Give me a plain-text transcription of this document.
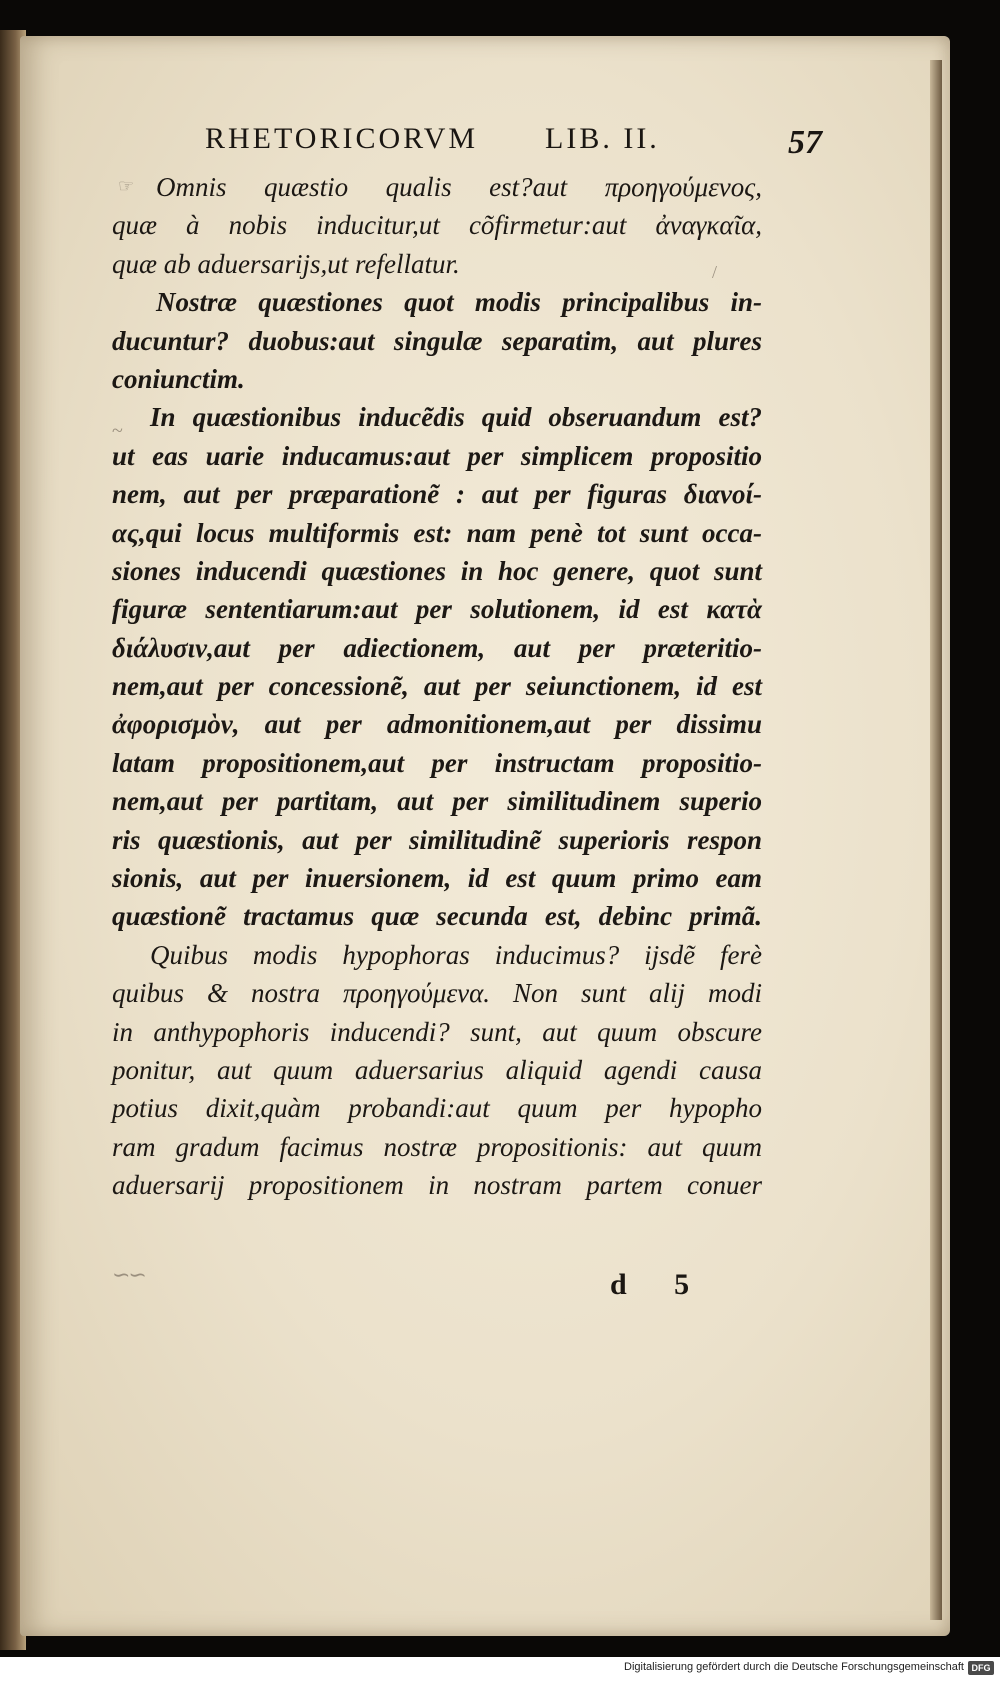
RHETORICORVM LIB. II.	57
☞
~
/
Omnis quæstio qualis est?aut προηγούμενος,
quæ à nobis inducitur,ut cõfirmetur:aut ἀναγκαῖα,
quæ ab aduersarijs,ut refellatur.
Nostræ quæstiones quot modis principalibus in-
ducuntur? duobus:aut singulæ separatim, aut plures
coniunctim.
In quæstionibus inducẽdis quid obseruandum est?
ut eas uarie inducamus:aut per simplicem propositio
nem, aut per præparationẽ : aut per figuras διανοί-
ας,qui locus multiformis est: nam penè tot sunt occa-
siones inducendi quæstiones in hoc genere, quot sunt
figuræ sententiarum:aut per solutionem, id est κατὰ
διάλυσιν,aut per adiectionem, aut per præteritio-
nem,aut per concessionẽ, aut per seiunctionem, id est
ἀφορισμὸν, aut per admonitionem,aut per dissimu
latam propositionem,aut per instructam propositio-
nem,aut per partitam, aut per similitudinem superio
ris quæstionis, aut per similitudinẽ superioris respon
sionis, aut per inuersionem, id est quum primo eam
quæstionẽ tractamus quæ secunda est, debinc primã.
Quibus modis hypophoras inducimus? ijsdẽ ferè
quibus & nostra προηγούμενα. Non sunt alij modi
in anthypophoris inducendi? sunt, aut quum obscure
ponitur, aut quum aduersarius aliquid agendi causa
potius dixit,quàm probandi:aut quum per hypopho
ram gradum facimus nostræ propositionis: aut quum
aduersarij propositionem in nostram partem conuer
∽∽	d 5
Digitalisierung gefördert durch die Deutsche Forschungsgemeinschaft DFG
